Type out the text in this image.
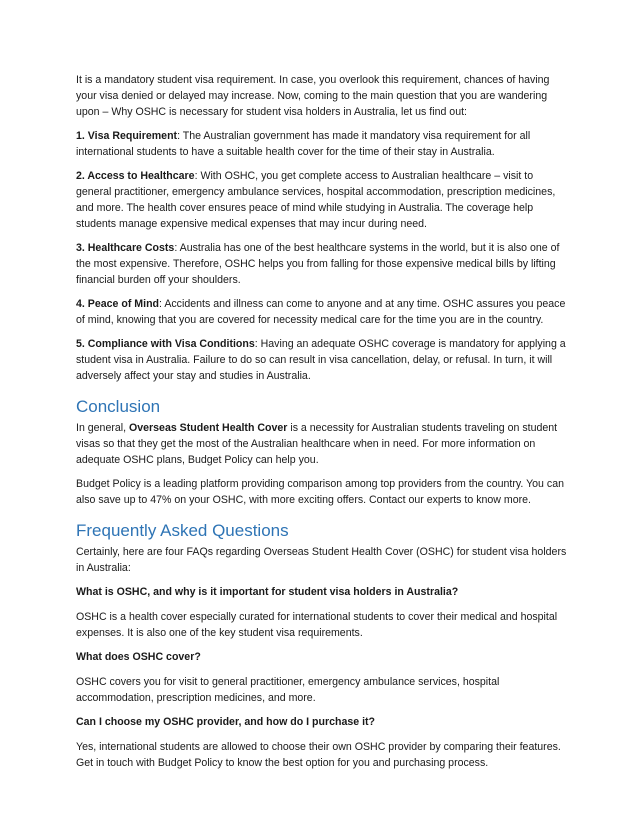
It is a mandatory student visa requirement. In case, you overlook this requirement, chances of having your visa denied or delayed may increase. Now, coming to the main question that you are wandering upon – Why OSHC is necessary for student visa holders in Australia, let us find out:

1. Visa Requirement: The Australian government has made it mandatory visa requirement for all international students to have a suitable health cover for the time of their stay in Australia.

2. Access to Healthcare: With OSHC, you get complete access to Australian healthcare – visit to general practitioner, emergency ambulance services, hospital accommodation, prescription medicines, and more. The health cover ensures peace of mind while studying in Australia. The coverage help students manage expensive medical expenses that may incur during need.

3. Healthcare Costs: Australia has one of the best healthcare systems in the world, but it is also one of the most expensive. Therefore, OSHC helps you from falling for those expensive medical bills by lifting financial burden off your shoulders.

4. Peace of Mind: Accidents and illness can come to anyone and at any time. OSHC assures you peace of mind, knowing that you are covered for necessity medical care for the time you are in the country.

5. Compliance with Visa Conditions: Having an adequate OSHC coverage is mandatory for applying a student visa in Australia. Failure to do so can result in visa cancellation, delay, or refusal. In turn, it will adversely affect your stay and studies in Australia.

Conclusion

In general, Overseas Student Health Cover is a necessity for Australian students traveling on student visas so that they get the most of the Australian healthcare when in need. For more information on adequate OSHC plans, Budget Policy can help you.

Budget Policy is a leading platform providing comparison among top providers from the country. You can also save up to 47% on your OSHC, with more exciting offers. Contact our experts to know more.

Frequently Asked Questions

Certainly, here are four FAQs regarding Overseas Student Health Cover (OSHC) for student visa holders in Australia:

What is OSHC, and why is it important for student visa holders in Australia?

OSHC is a health cover especially curated for international students to cover their medical and hospital expenses. It is also one of the key student visa requirements.

What does OSHC cover?

OSHC covers you for visit to general practitioner, emergency ambulance services, hospital accommodation, prescription medicines, and more.

Can I choose my OSHC provider, and how do I purchase it?

Yes, international students are allowed to choose their own OSHC provider by comparing their features. Get in touch with Budget Policy to know the best option for you and purchasing process.
